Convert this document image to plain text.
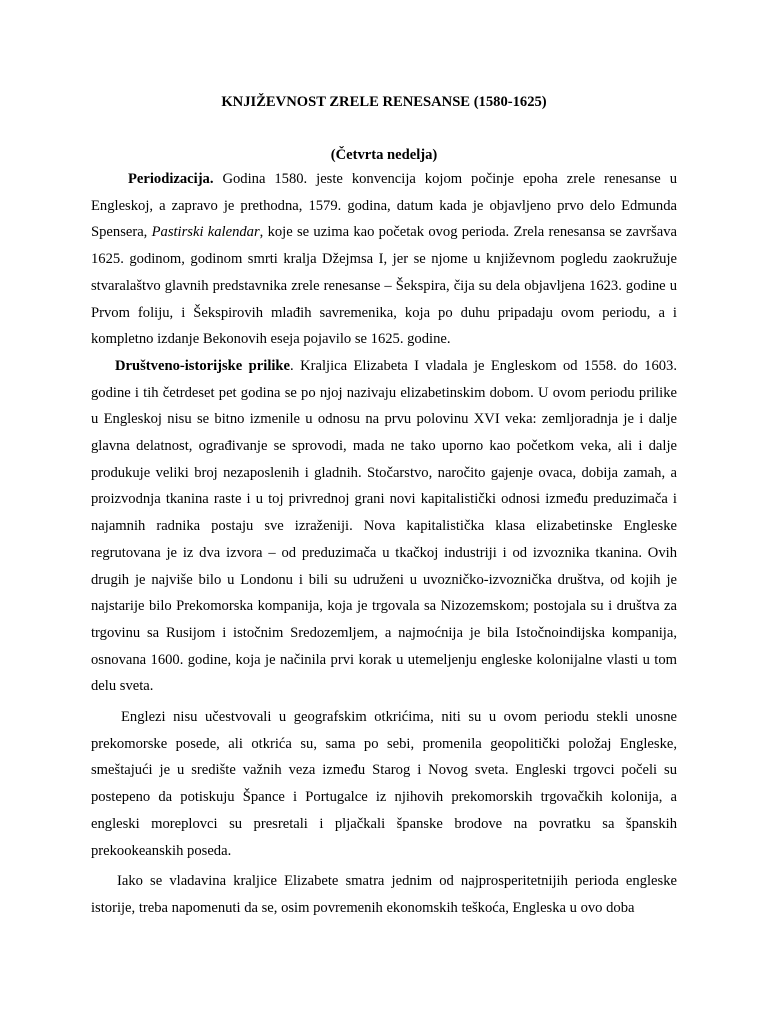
KNJIŽEVNOST ZRELE RENESANSE (1580-1625)
(Četvrta nedelja)

Periodizacija. Godina 1580. jeste konvencija kojom počinje epoha zrele renesanse u Engleskoj, a zapravo je prethodna, 1579. godina, datum kada je objavljeno prvo delo Edmunda Spensera, Pastirski kalendar, koje se uzima kao početak ovog perioda. Zrela renesansa se završava 1625. godinom, godinom smrti kralja Džejmsa I, jer se njome u književnom pogledu zaokružuje stvaralaštvo glavnih predstavnika zrele renesanse – Šekspira, čija su dela objavljena 1623. godine u Prvom foliju, i Šekspirovih mlađih savremenika, koja po duhu pripadaju ovom periodu, a i kompletno izdanje Bekonovih eseja pojavilo se 1625. godine.

Društveno-istorijske prilike. Kraljica Elizabeta I vladala je Engleskom od 1558. do 1603. godine i tih četrdeset pet godina se po njoj nazivaju elizabetinskim dobom. U ovom periodu prilike u Engleskoj nisu se bitno izmenile u odnosu na prvu polovinu XVI veka: zemljoradnja je i dalje glavna delatnost, ograđivanje se sprovodi, mada ne tako uporno kao početkom veka, ali i dalje produkuje veliki broj nezaposlenih i gladnih. Stočarstvo, naročito gajenje ovaca, dobija zamah, a proizvodnja tkanina raste i u toj privrednoj grani novi kapitalistički odnosi između preduzimača i najamnih radnika postaju sve izraženiji. Nova kapitalistička klasa elizabetinske Engleske regrutovana je iz dva izvora – od preduzimača u tkačkoj industriji i od izvoznika tkanina. Ovih drugih je najviše bilo u Londonu i bili su udruženi u uvozničko-izvoznička društva, od kojih je najstarije bilo Prekomorska kompanija, koja je trgovala sa Nizozemskom; postojala su i društva za trgovinu sa Rusijom i istočnim Sredozemljem, a najmoćnija je bila Istočnoindijska kompanija, osnovana 1600. godine, koja je načinila prvi korak u utemeljenju engleske kolonijalne vlasti u tom delu sveta.

Englezi nisu učestvovali u geografskim otkrićima, niti su u ovom periodu stekli unosne prekomorske posede, ali otkrića su, sama po sebi, promenila geopolitički položaj Engleske, smeštajući je u središte važnih veza između Starog i Novog sveta. Engleski trgovci počeli su postepeno da potiskuju Špance i Portugalce iz njihovih prekomorskih trgovačkih kolonija, a engleski moreplovci su presretali i pljačkali španske brodove na povratku sa španskih prekookeanskih poseda.

Iako se vladavina kraljice Elizabete smatra jednim od najprosperitetnijih perioda engleske istorije, treba napomenuti da se, osim povremenih ekonomskih teškoća, Engleska u ovo doba
